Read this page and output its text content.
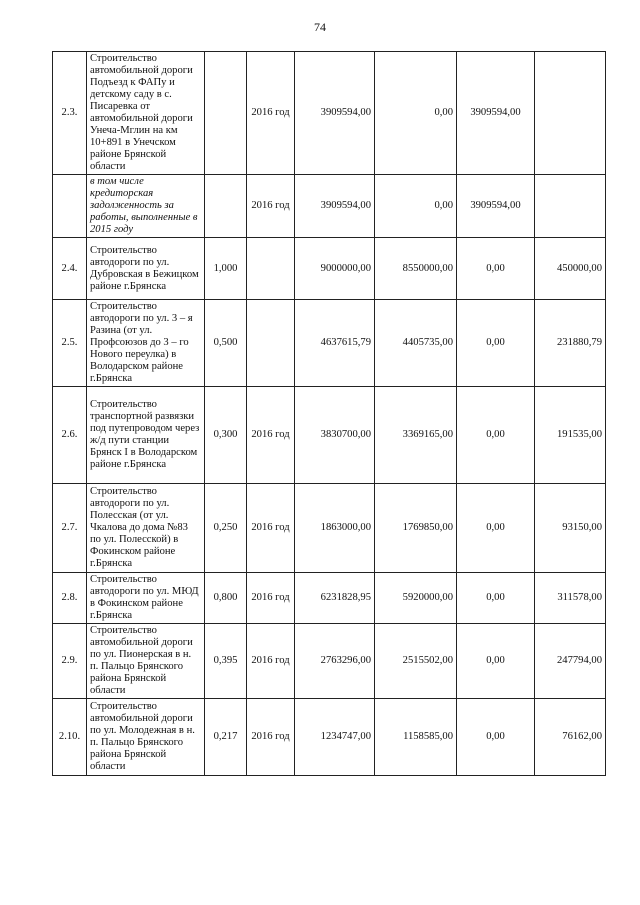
74
2.3.	Строительство автомобильной дороги Подъезд к ФАПу и детскому саду в с. Писаревка от автомобильной дороги Унеча-Мглин на км 10+891 в Унечском районе Брянской области		2016 год	3909594,00	0,00	3909594,00	
	в том числе кредиторская задолженность за работы, выполненные в 2015 году		2016 год	3909594,00	0,00	3909594,00	
2.4.	Строительство автодороги по ул. Дубровская в Бежицком районе г.Брянска	1,000		9000000,00	8550000,00	0,00	450000,00
2.5.	Строительство автодороги по ул. 3 – я Разина (от ул. Профсоюзов до 3 – го Нового переулка) в Володарском районе г.Брянска	0,500		4637615,79	4405735,00	0,00	231880,79
2.6.	Строительство транспортной развязки под путепроводом через ж/д пути станции Брянск I в Володарском районе г.Брянска	0,300	2016 год	3830700,00	3369165,00	0,00	191535,00
2.7.	Строительство автодороги по ул. Полесская (от ул. Чкалова до дома №83 по ул. Полесской) в Фокинском районе г.Брянска	0,250	2016 год	1863000,00	1769850,00	0,00	93150,00
2.8.	Строительство автодороги по ул. МЮД в Фокинском районе г.Брянска	0,800	2016 год	6231828,95	5920000,00	0,00	311578,00
2.9.	Строительство автомобильной дороги по ул. Пионерская в н. п. Пальцо Брянского района Брянской области	0,395	2016 год	2763296,00	2515502,00	0,00	247794,00
2.10.	Строительство автомобильной дороги по ул. Молодежная в н. п. Пальцо Брянского района Брянской области	0,217	2016 год	1234747,00	1158585,00	0,00	76162,00
